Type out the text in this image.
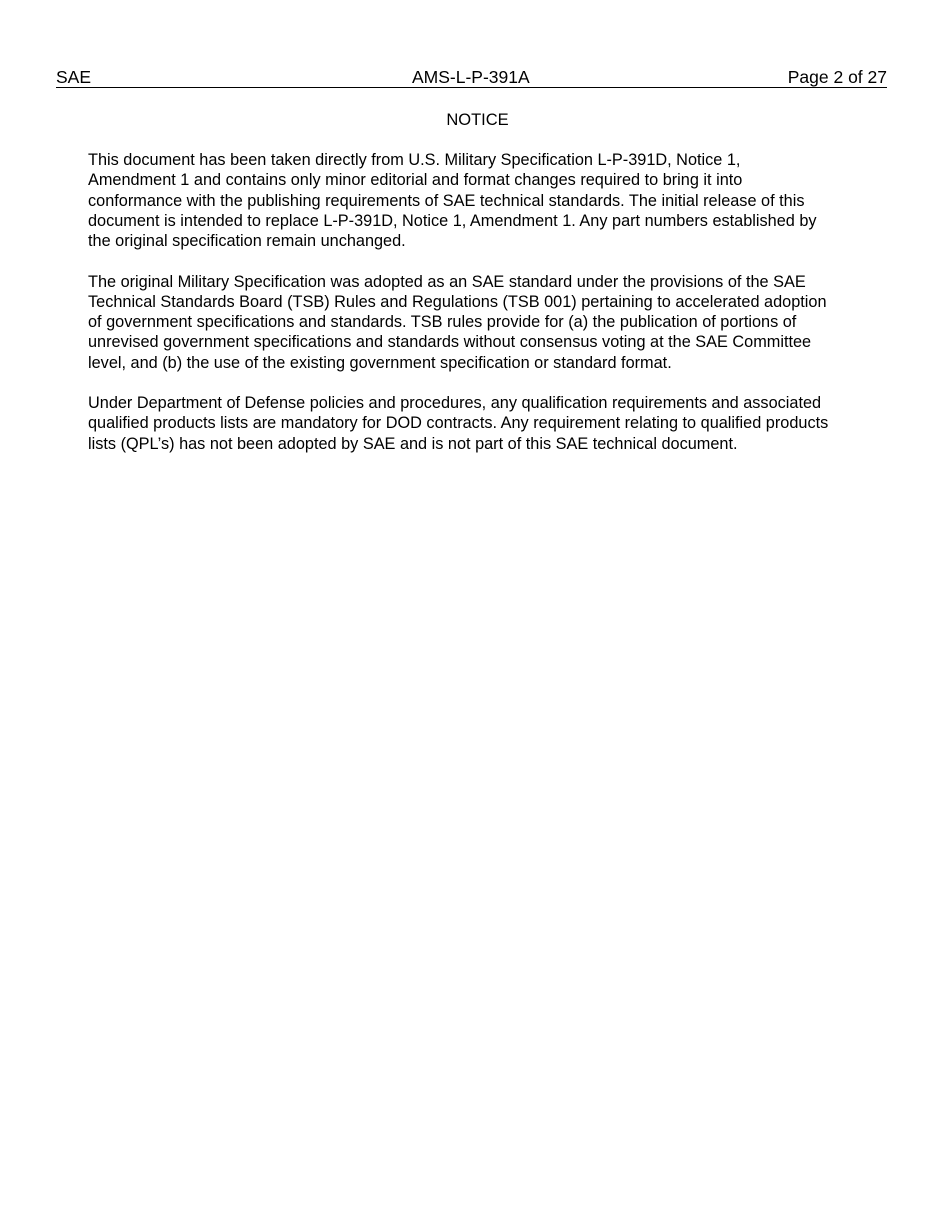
SAE	AMS-L-P-391A	Page 2 of 27
NOTICE

This document has been taken directly from U.S. Military Specification L-P-391D, Notice 1,
Amendment 1 and contains only minor editorial and format changes required to bring it into
conformance with the publishing requirements of SAE technical standards. The initial release of this
document is intended to replace L-P-391D, Notice 1, Amendment 1. Any part numbers established by
the original specification remain unchanged.

The original Military Specification was adopted as an SAE standard under the provisions of the SAE
Technical Standards Board (TSB) Rules and Regulations (TSB 001) pertaining to accelerated adoption
of government specifications and standards. TSB rules provide for (a) the publication of portions of
unrevised government specifications and standards without consensus voting at the SAE Committee
level, and (b) the use of the existing government specification or standard format.

Under Department of Defense policies and procedures, any qualification requirements and associated
qualified products lists are mandatory for DOD contracts. Any requirement relating to qualified products
lists (QPL’s) has not been adopted by SAE and is not part of this SAE technical document.
